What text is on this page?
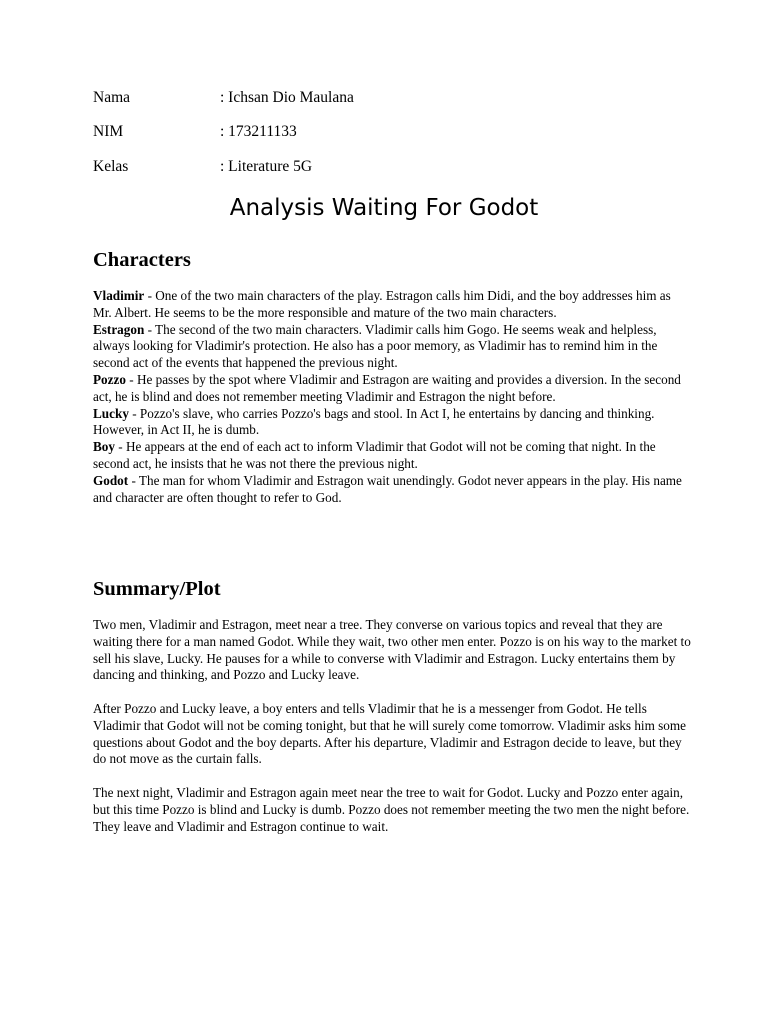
Nama	: Ichsan Dio Maulana
NIM	: 173211133
Kelas	: Literature 5G
Analysis Waiting For Godot
Characters

Vladimir - One of the two main characters of the play. Estragon calls him Didi, and the boy addresses him as Mr. Albert. He seems to be the more responsible and mature of the two main characters.

Estragon - The second of the two main characters. Vladimir calls him Gogo. He seems weak and helpless, always looking for Vladimir's protection. He also has a poor memory, as Vladimir has to remind him in the second act of the events that happened the previous night.

Pozzo - He passes by the spot where Vladimir and Estragon are waiting and provides a diversion. In the second act, he is blind and does not remember meeting Vladimir and Estragon the night before.

Lucky - Pozzo's slave, who carries Pozzo's bags and stool. In Act I, he entertains by dancing and thinking. However, in Act II, he is dumb.

Boy - He appears at the end of each act to inform Vladimir that Godot will not be coming that night. In the second act, he insists that he was not there the previous night.

Godot - The man for whom Vladimir and Estragon wait unendingly. Godot never appears in the play. His name and character are often thought to refer to God.

Summary/Plot

Two men, Vladimir and Estragon, meet near a tree. They converse on various topics and reveal that they are waiting there for a man named Godot. While they wait, two other men enter. Pozzo is on his way to the market to sell his slave, Lucky. He pauses for a while to converse with Vladimir and Estragon. Lucky entertains them by dancing and thinking, and Pozzo and Lucky leave.

After Pozzo and Lucky leave, a boy enters and tells Vladimir that he is a messenger from Godot. He tells Vladimir that Godot will not be coming tonight, but that he will surely come tomorrow. Vladimir asks him some questions about Godot and the boy departs. After his departure, Vladimir and Estragon decide to leave, but they do not move as the curtain falls.

The next night, Vladimir and Estragon again meet near the tree to wait for Godot. Lucky and Pozzo enter again, but this time Pozzo is blind and Lucky is dumb. Pozzo does not remember meeting the two men the night before. They leave and Vladimir and Estragon continue to wait.
